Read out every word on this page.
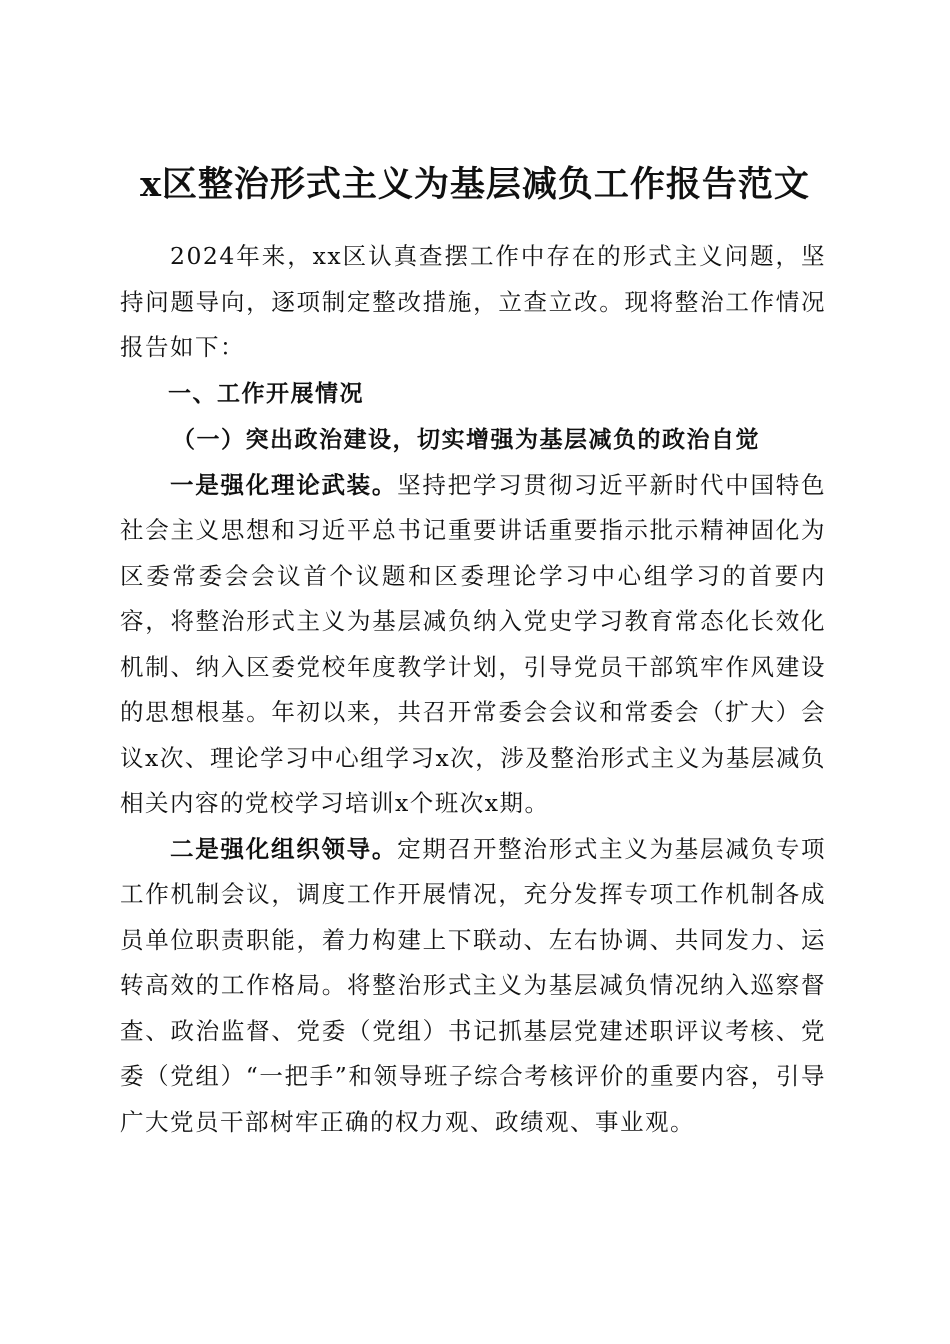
x区整治形式主义为基层减负工作报告范文

2024年来，xx区认真查摆工作中存在的形式主义问题，坚持问题导向，逐项制定整改措施，立查立改。现将整治工作情况报告如下：

一、工作开展情况

（一）突出政治建设，切实增强为基层减负的政治自觉

一是强化理论武装。坚持把学习贯彻习近平新时代中国特色社会主义思想和习近平总书记重要讲话重要指示批示精神固化为区委常委会会议首个议题和区委理论学习中心组学习的首要内容，将整治形式主义为基层减负纳入党史学习教育常态化长效化机制、纳入区委党校年度教学计划，引导党员干部筑牢作风建设的思想根基。年初以来，共召开常委会会议和常委会（扩大）会议x次、理论学习中心组学习x次，涉及整治形式主义为基层减负相关内容的党校学习培训x个班次x期。

二是强化组织领导。定期召开整治形式主义为基层减负专项工作机制会议，调度工作开展情况，充分发挥专项工作机制各成员单位职责职能，着力构建上下联动、左右协调、共同发力、运转高效的工作格局。将整治形式主义为基层减负情况纳入巡察督查、政治监督、党委（党组）书记抓基层党建述职评议考核、党委（党组）“一把手”和领导班子综合考核评价的重要内容，引导广大党员干部树牢正确的权力观、政绩观、事业观。
